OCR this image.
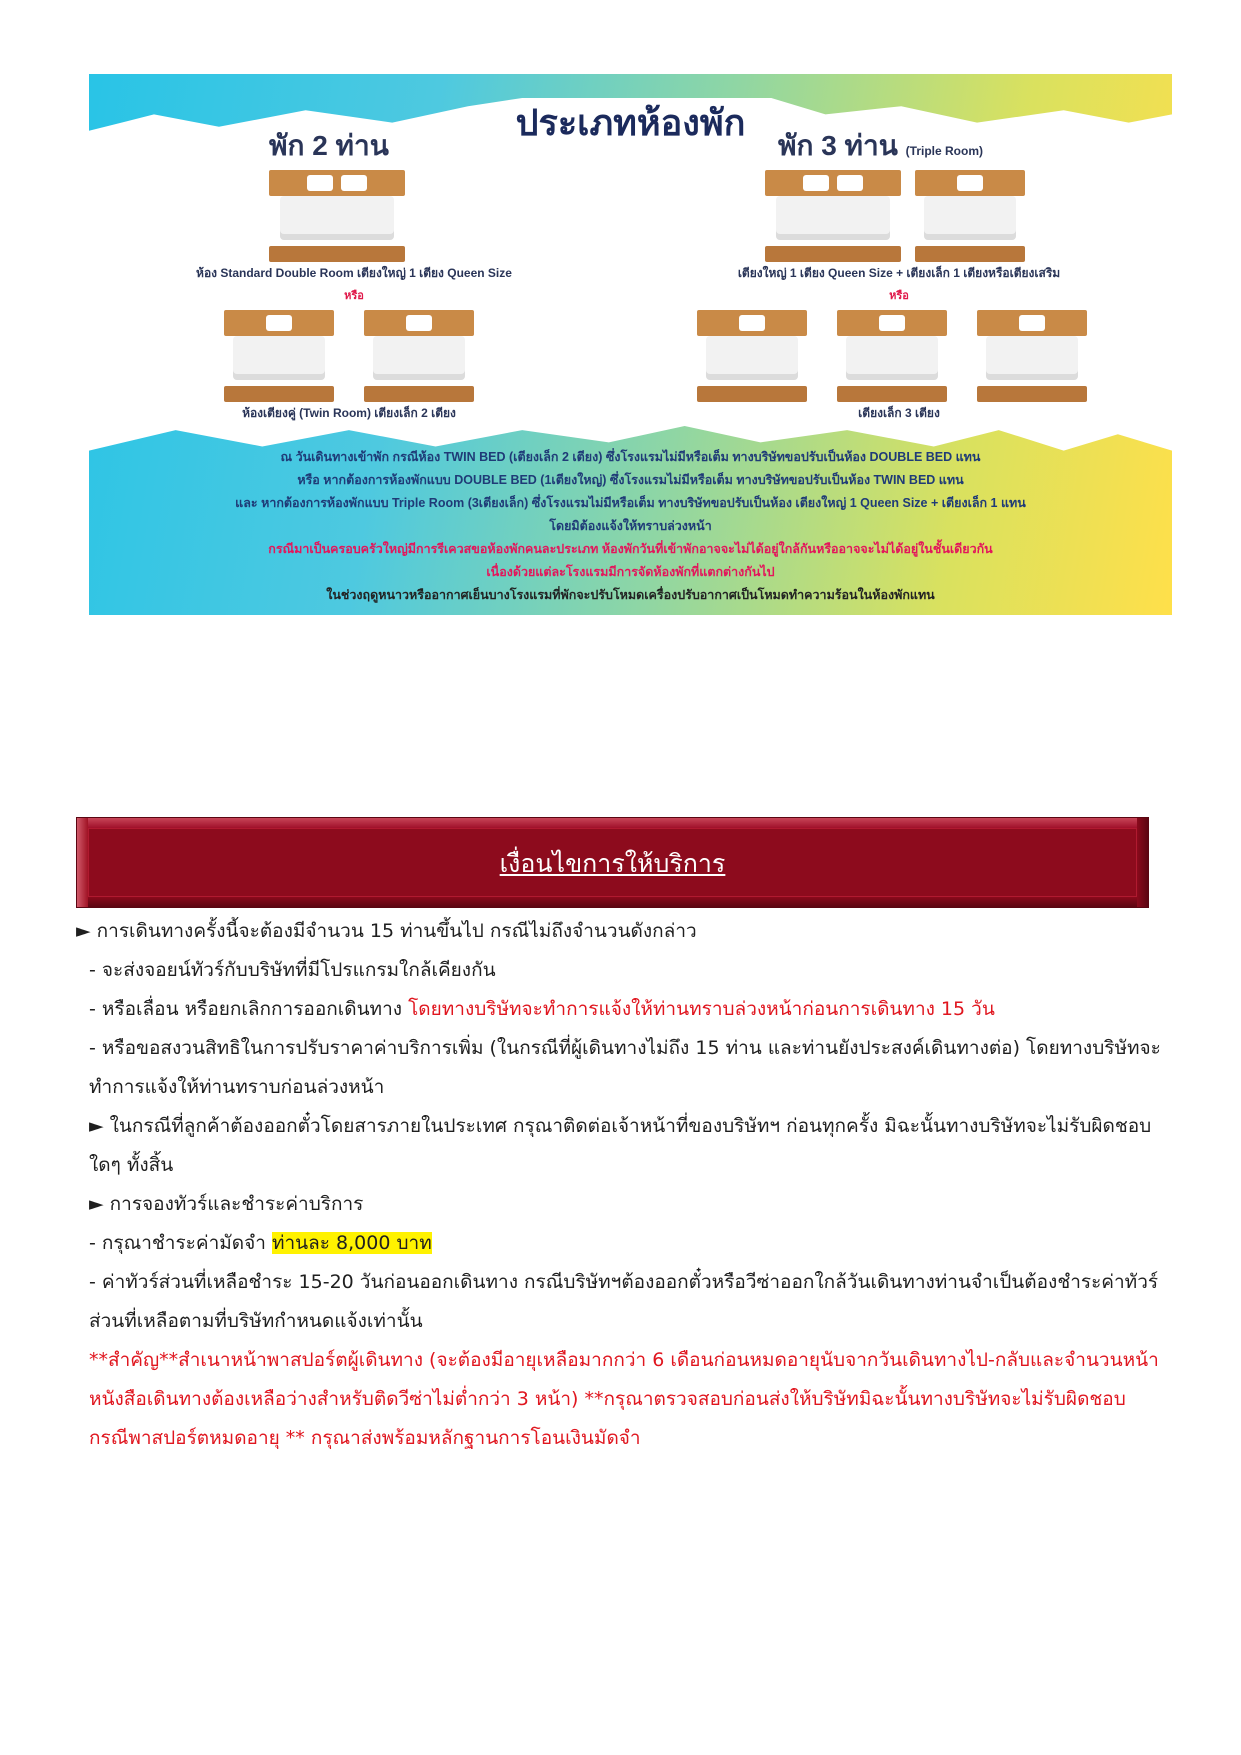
ประเภทห้องพัก
พัก 2 ท่าน	พัก 3 ท่าน (Triple Room)
ห้อง Standard Double Room เตียงใหญ่ 1 เตียง Queen Size
หรือ
ห้องเตียงคู่ (Twin Room) เตียงเล็ก 2 เตียง
เตียงใหญ่ 1 เตียง Queen Size + เตียงเล็ก 1 เตียงหรือเตียงเสริม
หรือ
เตียงเล็ก 3 เตียง
ณ วันเดินทางเข้าพัก กรณีห้อง TWIN BED (เตียงเล็ก 2 เตียง) ซึ่งโรงแรมไม่มีหรือเต็ม ทางบริษัทขอปรับเป็นห้อง DOUBLE BED แทน
หรือ หากต้องการห้องพักแบบ DOUBLE BED (1เตียงใหญ่) ซึ่งโรงแรมไม่มีหรือเต็ม ทางบริษัทขอปรับเป็นห้อง TWIN BED แทน
และ หากต้องการห้องพักแบบ Triple Room (3เตียงเล็ก) ซึ่งโรงแรมไม่มีหรือเต็ม ทางบริษัทขอปรับเป็นห้อง เตียงใหญ่ 1 Queen Size + เตียงเล็ก 1 แทน
โดยมิต้องแจ้งให้ทราบล่วงหน้า
กรณีมาเป็นครอบครัวใหญ่มีการรีเควสขอห้องพักคนละประเภท ห้องพักวันที่เข้าพักอาจจะไม่ได้อยู่ใกล้กันหรืออาจจะไม่ได้อยู่ในชั้นเดียวกัน
เนื่องด้วยแต่ละโรงแรมมีการจัดห้องพักที่แตกต่างกันไป
ในช่วงฤดูหนาวหรืออากาศเย็นบางโรงแรมที่พักจะปรับโหมดเครื่องปรับอากาศเป็นโหมดทำความร้อนในห้องพักแทน
เงื่อนไขการให้บริการ
► การเดินทางครั้งนี้จะต้องมีจำนวน 15 ท่านขึ้นไป กรณีไม่ถึงจำนวนดังกล่าว
- จะส่งจอยน์ทัวร์กับบริษัทที่มีโปรแกรมใกล้เคียงกัน
- หรือเลื่อน หรือยกเลิกการออกเดินทาง โดยทางบริษัทจะทำการแจ้งให้ท่านทราบล่วงหน้าก่อนการเดินทาง 15 วัน
- หรือขอสงวนสิทธิในการปรับราคาค่าบริการเพิ่ม (ในกรณีที่ผู้เดินทางไม่ถึง 15 ท่าน และท่านยังประสงค์เดินทางต่อ) โดยทางบริษัทจะทำการแจ้งให้ท่านทราบก่อนล่วงหน้า
► ในกรณีที่ลูกค้าต้องออกตั๋วโดยสารภายในประเทศ กรุณาติดต่อเจ้าหน้าที่ของบริษัทฯ ก่อนทุกครั้ง มิฉะนั้นทางบริษัทจะไม่รับผิดชอบใดๆ ทั้งสิ้น
► การจองทัวร์และชำระค่าบริการ
- กรุณาชำระค่ามัดจำ ท่านละ 8,000 บาท
- ค่าทัวร์ส่วนที่เหลือชำระ 15-20 วันก่อนออกเดินทาง กรณีบริษัทฯต้องออกตั๋วหรือวีซ่าออกใกล้วันเดินทางท่านจำเป็นต้องชำระค่าทัวร์ส่วนที่เหลือตามที่บริษัทกำหนดแจ้งเท่านั้น
**สำคัญ**สำเนาหน้าพาสปอร์ตผู้เดินทาง (จะต้องมีอายุเหลือมากกว่า 6 เดือนก่อนหมดอายุนับจากวันเดินทางไป-กลับและจำนวนหน้าหนังสือเดินทางต้องเหลือว่างสำหรับติดวีซ่าไม่ต่ำกว่า 3 หน้า) **กรุณาตรวจสอบก่อนส่งให้บริษัทมิฉะนั้นทางบริษัทจะไม่รับผิดชอบกรณีพาสปอร์ตหมดอายุ ** กรุณาส่งพร้อมหลักฐานการโอนเงินมัดจำ
